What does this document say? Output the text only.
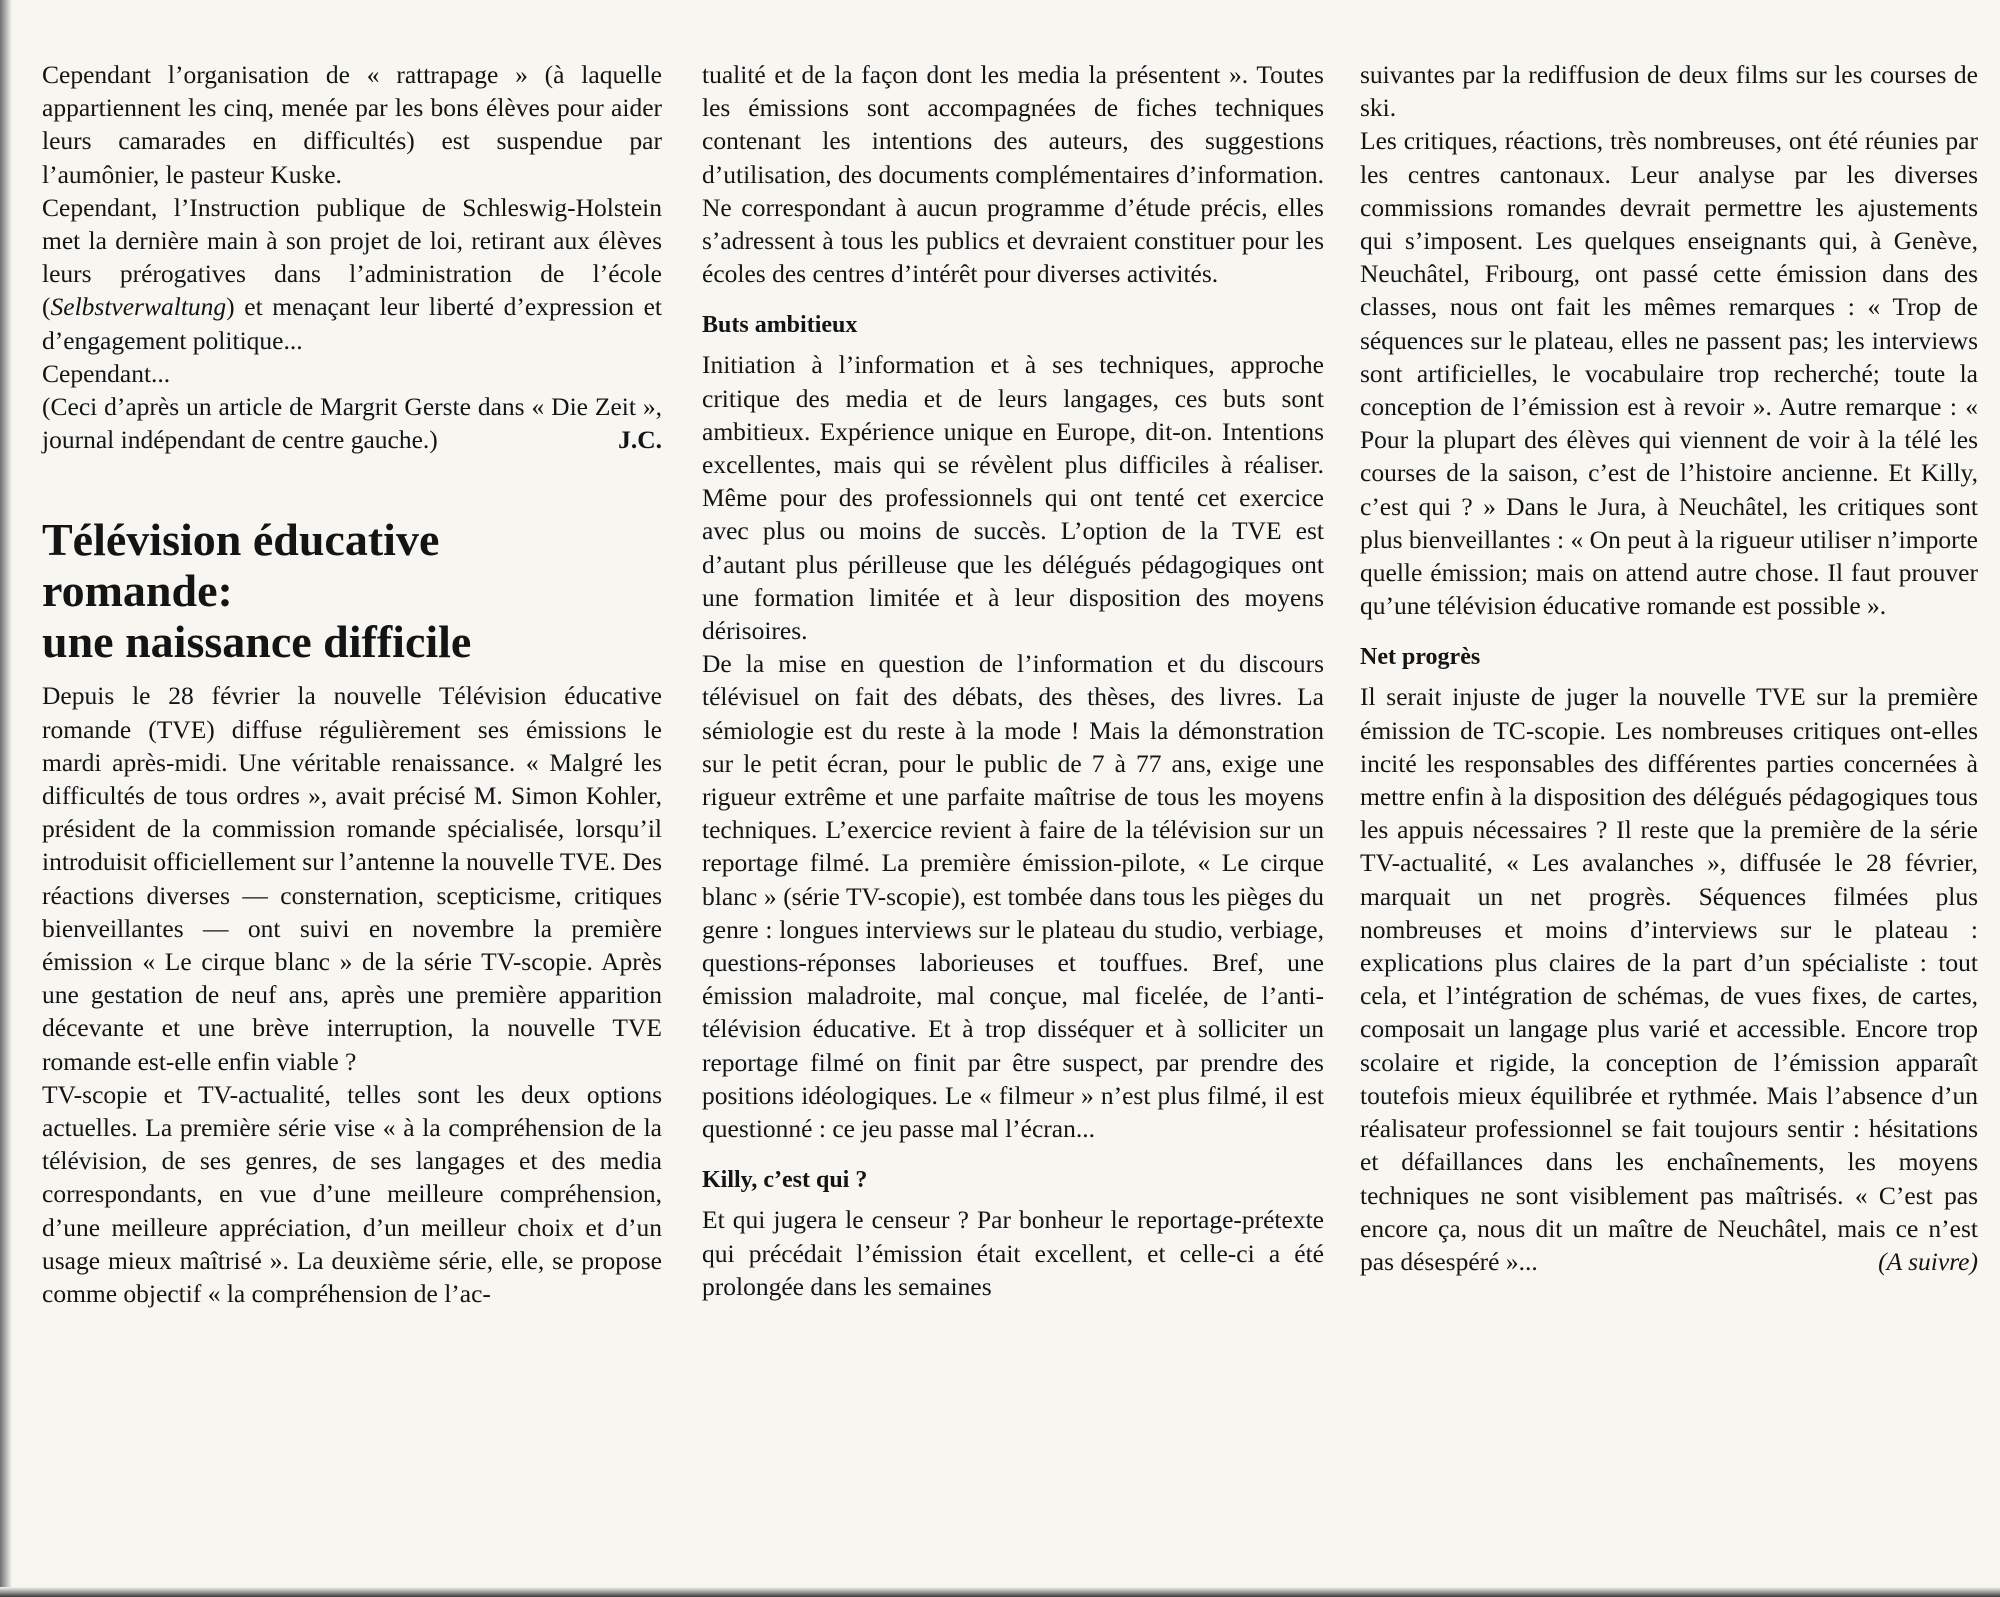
Cependant l’organisation de « rattrapage » (à laquelle appartiennent les cinq, menée par les bons élèves pour aider leurs camarades en difficultés) est suspendue par l’aumônier, le pasteur Kuske.

Cependant, l’Instruction publique de Schleswig-Holstein met la dernière main à son projet de loi, retirant aux élèves leurs prérogatives dans l’administration de l’école (Selbstverwaltung) et menaçant leur liberté d’expression et d’engagement politique...

Cependant...

(Ceci d’après un article de Margrit Gerste dans « Die Zeit », journal indépendant de centre gauche.)	J.C.

Télévision éducative
romande:
une naissance difficile

Depuis le 28 février la nouvelle Télévision éducative romande (TVE) diffuse régulièrement ses émissions le mardi après-midi. Une véritable renaissance. « Malgré les difficultés de tous ordres », avait précisé M. Simon Kohler, président de la commission romande spécialisée, lorsqu’il introduisit officiellement sur l’antenne la nouvelle TVE. Des réactions diverses — consternation, scepticisme, critiques bienveillantes — ont suivi en novembre la première émission « Le cirque blanc » de la série TV-scopie. Après une gestation de neuf ans, après une première apparition décevante et une brève interruption, la nouvelle TVE romande est-elle enfin viable ?

TV-scopie et TV-actualité, telles sont les deux options actuelles. La première série vise « à la compréhension de la télévision, de ses genres, de ses langages et des media correspondants, en vue d’une meilleure compréhension, d’une meilleure appréciation, d’un meilleur choix et d’un usage mieux maîtrisé ». La deuxième série, elle, se propose comme objectif « la compréhension de l’ac-

tualité et de la façon dont les media la présentent ». Toutes les émissions sont accompagnées de fiches techniques contenant les intentions des auteurs, des suggestions d’utilisation, des documents complémentaires d’information. Ne correspondant à aucun programme d’étude précis, elles s’adressent à tous les publics et devraient constituer pour les écoles des centres d’intérêt pour diverses activités.

Buts ambitieux

Initiation à l’information et à ses techniques, approche critique des media et de leurs langages, ces buts sont ambitieux. Expérience unique en Europe, dit-on. Intentions excellentes, mais qui se révèlent plus difficiles à réaliser. Même pour des professionnels qui ont tenté cet exercice avec plus ou moins de succès. L’option de la TVE est d’autant plus périlleuse que les délégués pédagogiques ont une formation limitée et à leur disposition des moyens dérisoires.

De la mise en question de l’information et du discours télévisuel on fait des débats, des thèses, des livres. La sémiologie est du reste à la mode ! Mais la démonstration sur le petit écran, pour le public de 7 à 77 ans, exige une rigueur extrême et une parfaite maîtrise de tous les moyens techniques. L’exercice revient à faire de la télévision sur un reportage filmé. La première émission-pilote, « Le cirque blanc » (série TV-scopie), est tombée dans tous les pièges du genre : longues interviews sur le plateau du studio, verbiage, questions-réponses laborieuses et touffues. Bref, une émission maladroite, mal conçue, mal ficelée, de l’anti-télévision éducative. Et à trop disséquer et à solliciter un reportage filmé on finit par être suspect, par prendre des positions idéologiques. Le « filmeur » n’est plus filmé, il est questionné : ce jeu passe mal l’écran...

Killy, c’est qui ?

Et qui jugera le censeur ? Par bonheur le reportage-prétexte qui précédait l’émission était excellent, et celle-ci a été prolongée dans les semaines

suivantes par la rediffusion de deux films sur les courses de ski.

Les critiques, réactions, très nombreuses, ont été réunies par les centres cantonaux. Leur analyse par les diverses commissions romandes devrait permettre les ajustements qui s’imposent. Les quelques enseignants qui, à Genève, Neuchâtel, Fribourg, ont passé cette émission dans des classes, nous ont fait les mêmes remarques : « Trop de séquences sur le plateau, elles ne passent pas; les interviews sont artificielles, le vocabulaire trop recherché; toute la conception de l’émission est à revoir ». Autre remarque : « Pour la plupart des élèves qui viennent de voir à la télé les courses de la saison, c’est de l’histoire ancienne. Et Killy, c’est qui ? » Dans le Jura, à Neuchâtel, les critiques sont plus bienveillantes : « On peut à la rigueur utiliser n’importe quelle émission; mais on attend autre chose. Il faut prouver qu’une télévision éducative romande est possible ».

Net progrès

Il serait injuste de juger la nouvelle TVE sur la première émission de TC-scopie. Les nombreuses critiques ont-elles incité les responsables des différentes parties concernées à mettre enfin à la disposition des délégués pédagogiques tous les appuis nécessaires ? Il reste que la première de la série TV-actualité, « Les avalanches », diffusée le 28 février, marquait un net progrès. Séquences filmées plus nombreuses et moins d’interviews sur le plateau : explications plus claires de la part d’un spécialiste : tout cela, et l’intégration de schémas, de vues fixes, de cartes, composait un langage plus varié et accessible. Encore trop scolaire et rigide, la conception de l’émission apparaît toutefois mieux équilibrée et rythmée. Mais l’absence d’un réalisateur professionnel se fait toujours sentir : hésitations et défaillances dans les enchaînements, les moyens techniques ne sont visiblement pas maîtrisés. « C’est pas encore ça, nous dit un maître de Neuchâtel, mais ce n’est pas désespéré »...	(A suivre)
